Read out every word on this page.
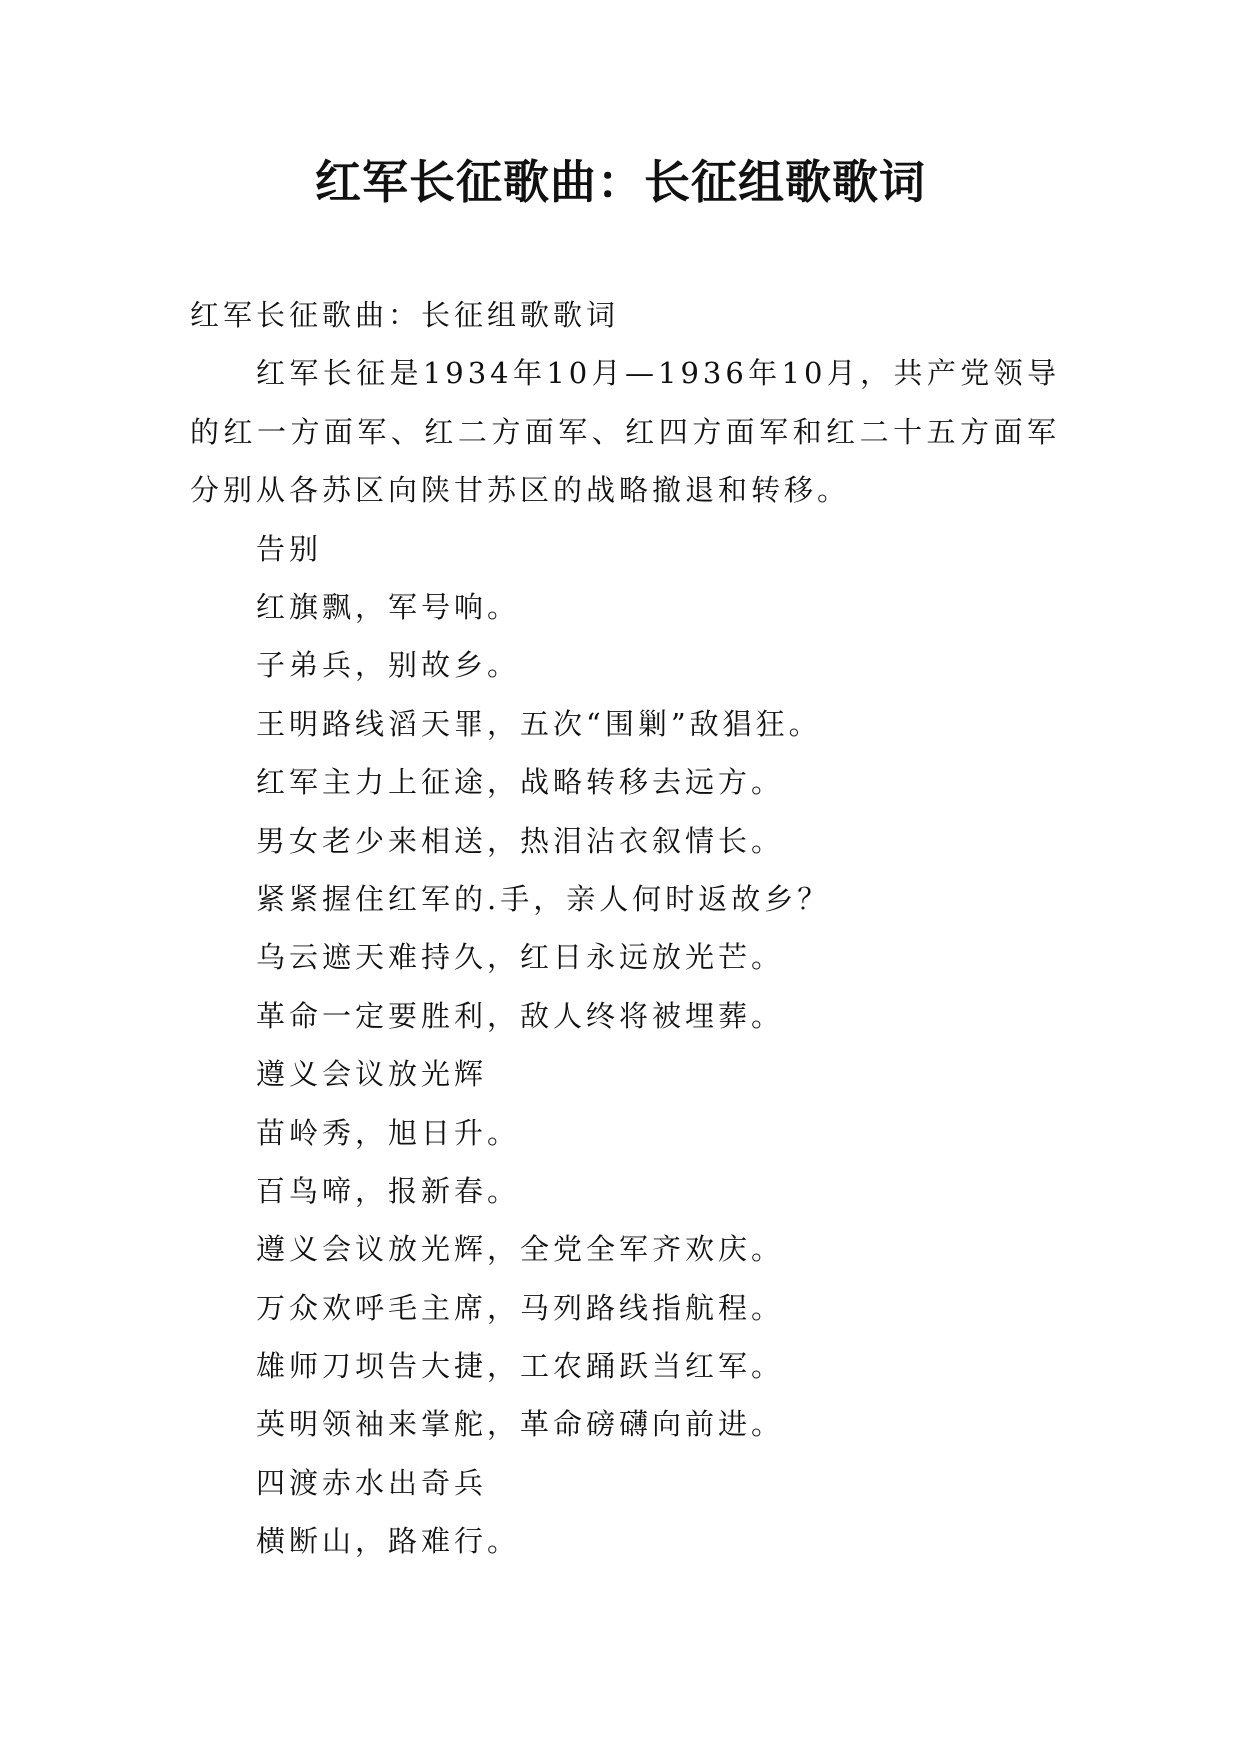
红军长征歌曲：长征组歌歌词

红军长征歌曲：长征组歌歌词

红军长征是1934年10月—1936年10月，共产党领导的红一方面军、红二方面军、红四方面军和红二十五方面军分别从各苏区向陕甘苏区的战略撤退和转移。

告别

红旗飘，军号响。

子弟兵，别故乡。

王明路线滔天罪，五次“围剿”敌猖狂。

红军主力上征途，战略转移去远方。

男女老少来相送，热泪沾衣叙情长。

紧紧握住红军的.手，亲人何时返故乡？

乌云遮天难持久，红日永远放光芒。

革命一定要胜利，敌人终将被埋葬。

遵义会议放光辉

苗岭秀，旭日升。

百鸟啼，报新春。

遵义会议放光辉，全党全军齐欢庆。

万众欢呼毛主席，马列路线指航程。

雄师刀坝告大捷，工农踊跃当红军。

英明领袖来掌舵，革命磅礴向前进。

四渡赤水出奇兵

横断山，路难行。
